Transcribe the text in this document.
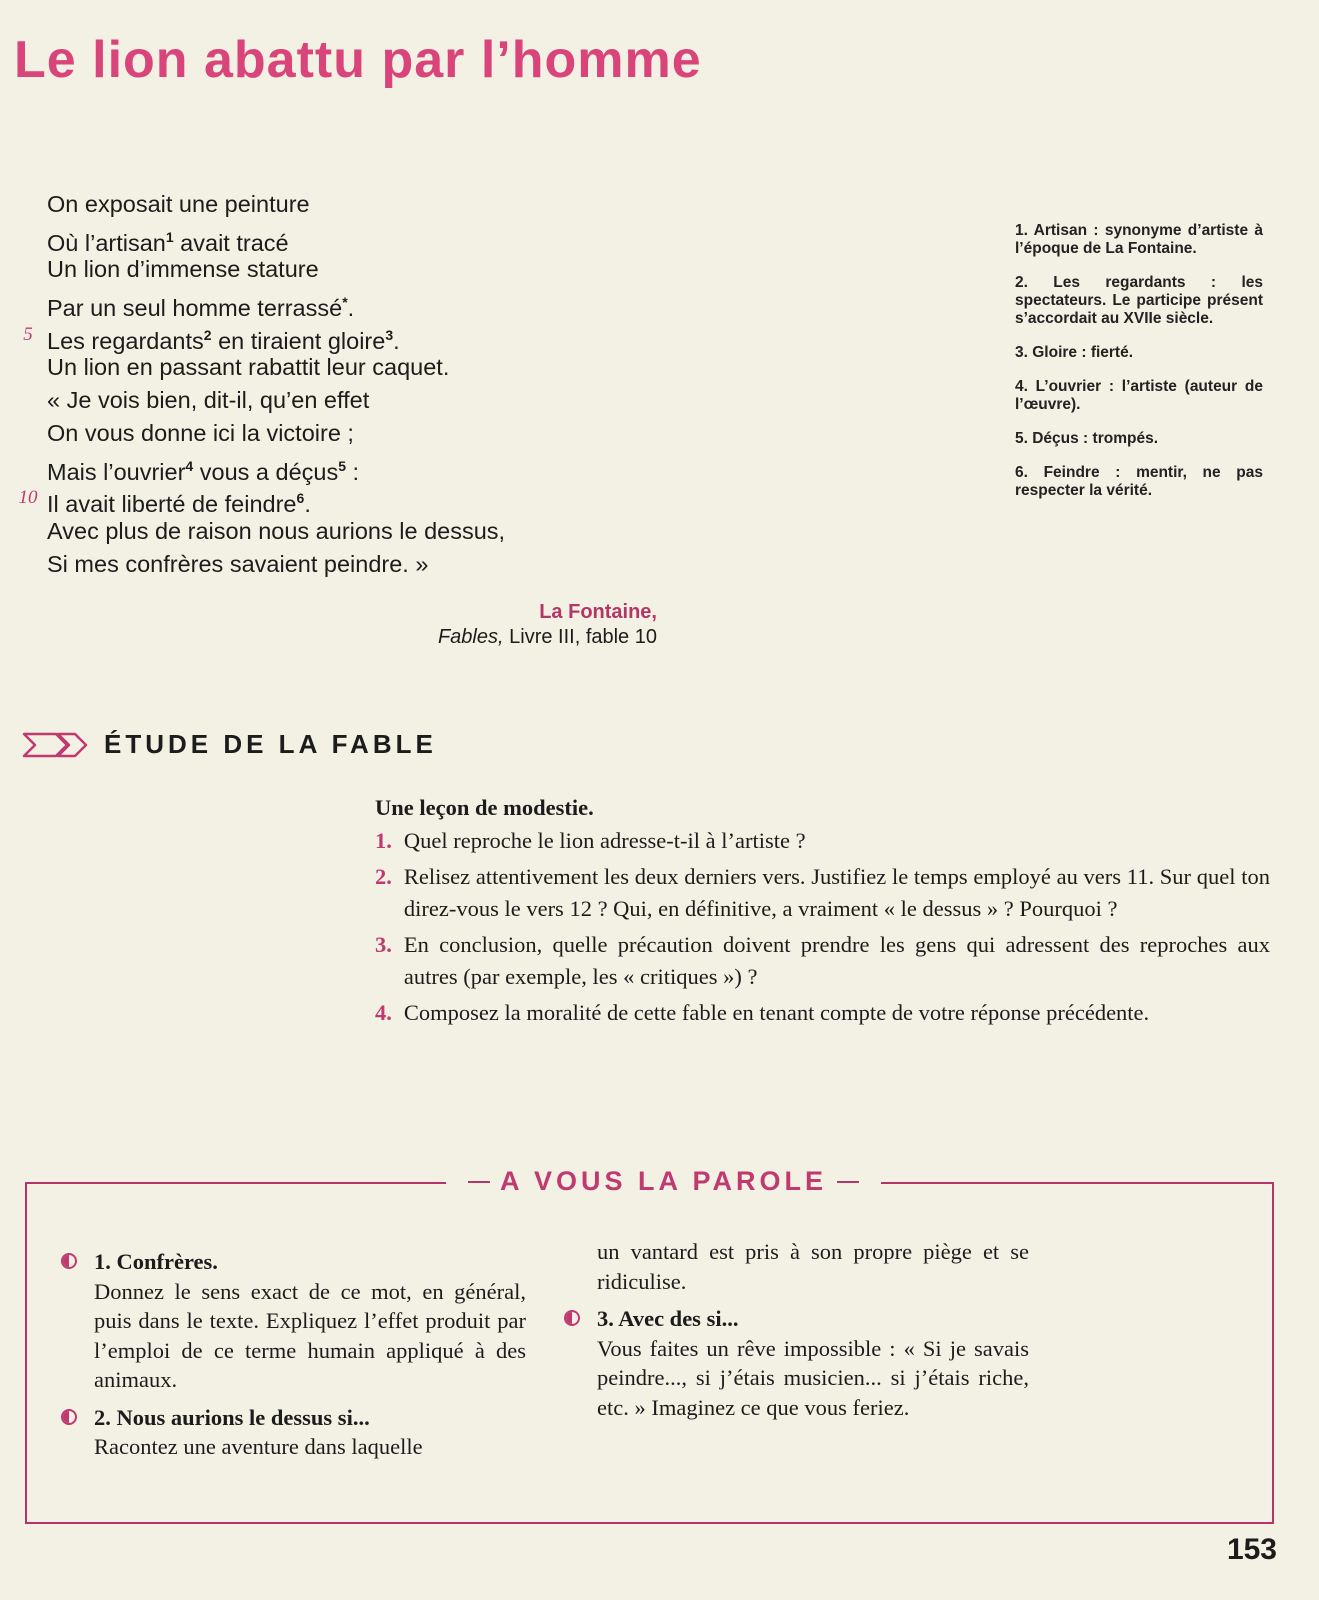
Le lion abattu par l’homme
On exposait une peinture
Où l’artisan$^1$ avait tracé
Un lion d’immense stature
Par un seul homme terrassé*.
5 Les regardants$^2$ en tiraient gloire$^3$.
Un lion en passant rabattit leur caquet.
« Je vois bien, dit-il, qu’en effet
On vous donne ici la victoire ;
Mais l’ouvrier$^4$ vous a déçus$^5$ :
10 Il avait liberté de feindre$^6$.
Avec plus de raison nous aurions le dessus,
Si mes confrères savaient peindre. »
La Fontaine,
Fables, Livre III, fable 10

1. Artisan : synonyme d’artiste à l’époque de La Fontaine.

2. Les regardants : les spectateurs. Le participe présent s’accordait au XVIIe siècle.

3. Gloire : fierté.

4. L’ouvrier : l’artiste (auteur de l’œuvre).

5. Déçus : trompés.

6. Feindre : mentir, ne pas respecter la vérité.

ÉTUDE DE LA FABLE

Une leçon de modestie.

1. Quel reproche le lion adresse-t-il à l’artiste ?
2. Relisez attentivement les deux derniers vers. Justifiez le temps employé au vers 11. Sur quel ton direz-vous le vers 12 ? Qui, en définitive, a vraiment « le dessus » ? Pourquoi ?
3. En conclusion, quelle précaution doivent prendre les gens qui adressent des reproches aux autres (par exemple, les « critiques ») ?
4. Composez la moralité de cette fable en tenant compte de votre réponse précédente.
A VOUS LA PAROLE
1. Confrères.
Donnez le sens exact de ce mot, en général, puis dans le texte. Expliquez l’effet produit par l’emploi de ce terme humain appliqué à des animaux.
2. Nous aurions le dessus si...
Racontez une aventure dans laquelle
un vantard est pris à son propre piège et se ridiculise.
3. Avec des si...
Vous faites un rêve impossible : « Si je savais peindre..., si j’étais musicien... si j’étais riche, etc. » Imaginez ce que vous feriez.
153
